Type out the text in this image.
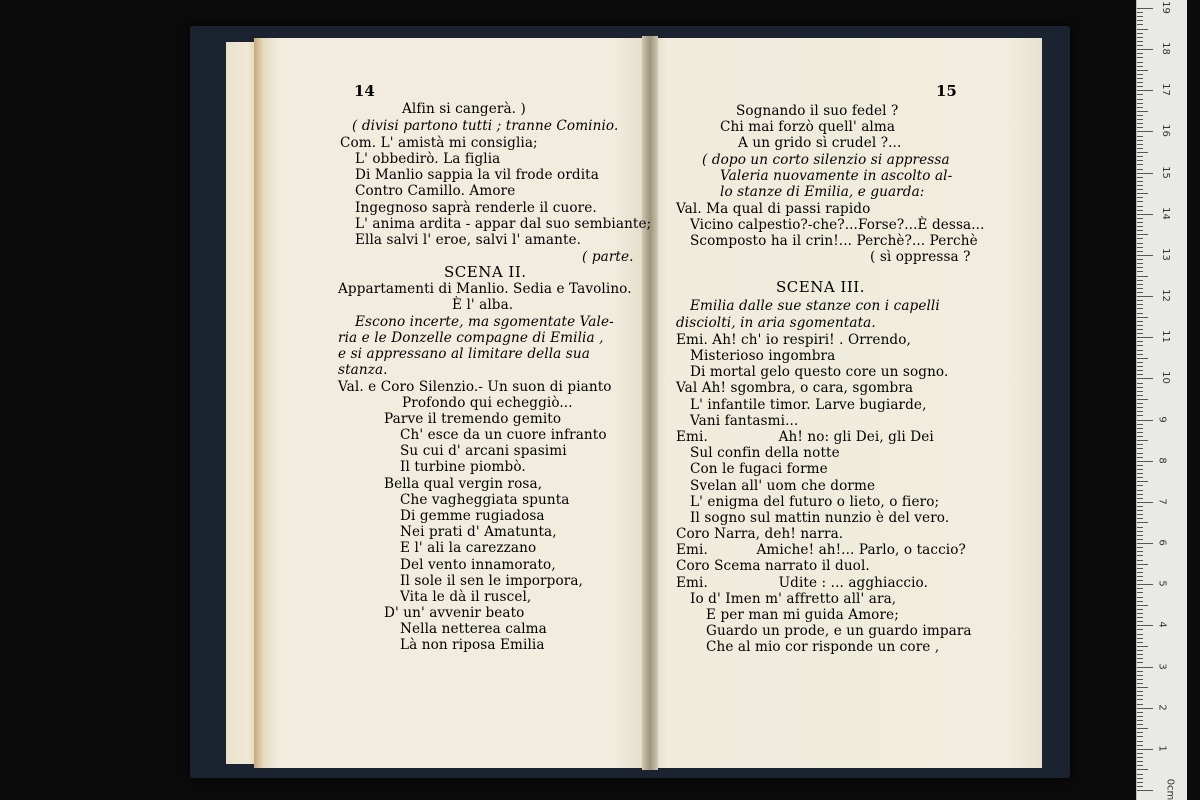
14
Alfin si cangerà. )
( divisi partono tutti ; tranne Cominio.
Com. L' amistà mi consiglia;
L' obbedirò. La figlia
Di Manlio sappia la vil frode ordita
Contro Camillo. Amore
Ingegnoso saprà renderle il cuore.
L' anima ardita - appar dal suo sembiante;
Ella salvi l' eroe, salvi l' amante.
( parte.
SCENA II.
Appartamenti di Manlio. Sedia e Tavolino.
È l' alba.
Escono incerte, ma sgomentate Vale-
ria e le Donzelle compagne di Emilia ,
e si appressano al limitare della sua
stanza.
Val. e Coro Silenzio.- Un suon di pianto
Profondo qui echeggiò...
Parve il tremendo gemito
Ch' esce da un cuore infranto
Su cui d' arcani spasimi
Il turbine piombò.
Bella qual vergin rosa,
Che vagheggiata spunta
Di gemme rugiadosa
Nei prati d' Amatunta,
E l' ali la carezzano
Del vento innamorato,
Il sole il sen le imporpora,
Vita le dà il ruscel,
D' un' avvenir beato
Nella netterea calma
Là non riposa Emilia
15
Sognando il suo fedel ?
Chi mai forzò quell' alma
A un grido sì crudel ?...
( dopo un corto silenzio si appressa
Valeria nuovamente in ascolto al-
lo stanze di Emilia, e guarda:
Val. Ma qual di passi rapido
Vicino calpestio?-che?...Forse?...È dessa...
Scomposto ha il crin!... Perchè?... Perchè
( sì oppressa ?
SCENA III.
Emilia dalle sue stanze con i capelli
disciolti, in aria sgomentata.
Emi. Ah! ch' io respiri! . Orrendo,
Misterioso ingombra
Di mortal gelo questo core un sogno.
Val Ah! sgombra, o cara, sgombra
L' infantile timor. Larve bugiarde,
Vani fantasmi...
Emi.                Ah! no: gli Dei, gli Dei
Sul confin della notte
Con le fugaci forme
Svelan all' uom che dorme
L' enigma del futuro o lieto, o fiero;
Il sogno sul mattin nunzio è del vero.
Coro Narra, deh! narra.
Emi.           Amiche! ah!... Parlo, o taccio?
Coro Scema narrato il duol.
Emi.                Udite : ... agghiaccio.
Io d' Imen m' affretto all' ara,
E per man mi guida Amore;
Guardo un prode, e un guardo impara
Che al mio cor risponde un core ,
19
18
17
16
15
14
13
12
11
10
9
8
7
6
5
4
3
2
1
0cm
